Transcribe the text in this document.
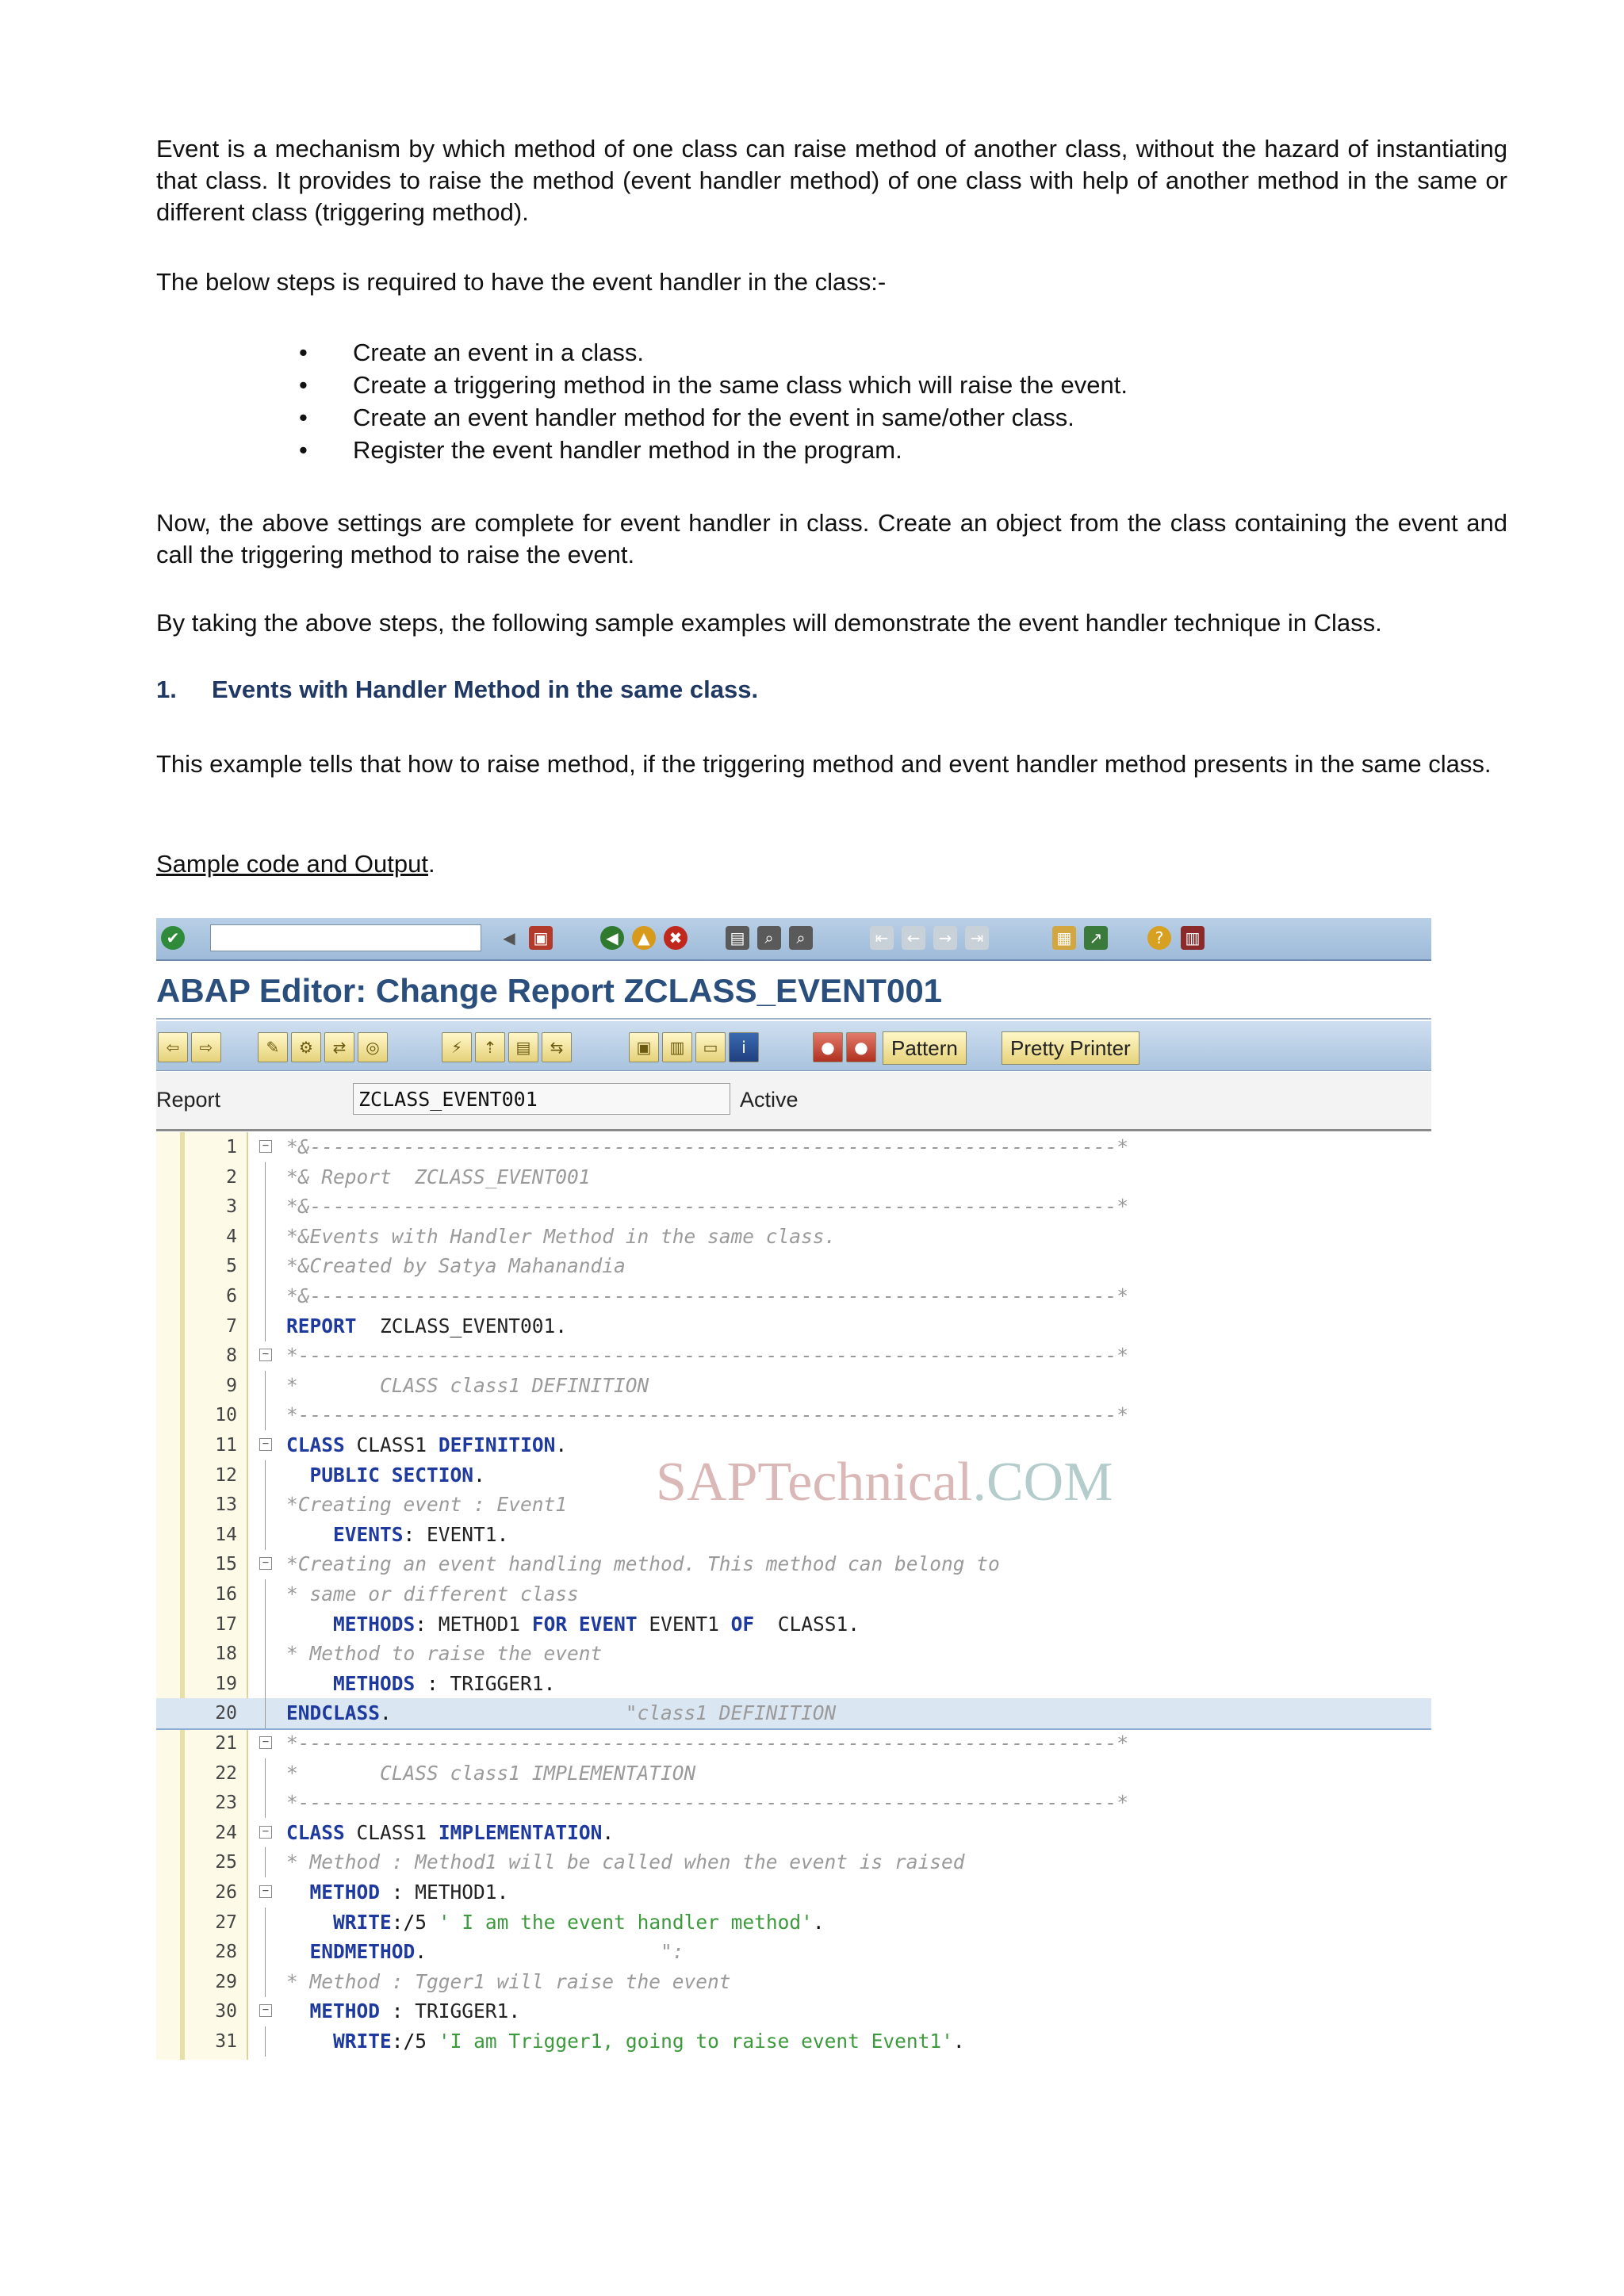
Event is a mechanism by which method of one class can raise method of another class, without the hazard of instantiating that class. It provides to raise the method (event handler method) of one class with help of another method in the same or different class (triggering method).

The below steps is required to have the event handler in the class:-

• Create an event in a class.
• Create a triggering method in the same class which will raise the event.
• Create an event handler method for the event in same/other class.
• Register the event handler method in the program.

Now, the above settings are complete for event handler in class. Create an object from the class containing the event and call the triggering method to raise the event.

By taking the above steps, the following sample examples will demonstrate the event handler technique in Class.

1. Events with Handler Method in the same class.

This example tells that how to raise method, if the triggering method and event handler method presents in the same class.

Sample code and Output.

✔	◀	▣	◀	▲	✖	▤	⌕	⌕	⇤	←	→	⇥	▦	↗	?	▥
ABAP Editor: Change Report ZCLASS_EVENT001
⇦	⇨	✎	⚙	⇄	◎	⚡	⇡	▤	⇆	▣	▥	▭	i	●	●	Pattern	Pretty Printer
Report	ZCLASS_EVENT001	Active
1 − *&---------------------------------------------------------------------*
2	*& Report  ZCLASS_EVENT001
3	*&---------------------------------------------------------------------*
4	*&Events with Handler Method in the same class.
5	*&Created by Satya Mahanandia
6	*&---------------------------------------------------------------------*
7	REPORT ZCLASS_EVENT001.
8 − *----------------------------------------------------------------------*
9	*       CLASS class1 DEFINITION
10	*----------------------------------------------------------------------*
11 − CLASS CLASS1 DEFINITION.
12	PUBLIC SECTION.
13	*Creating event : Event1
14	EVENTS: EVENT1.
15 − *Creating an event handling method. This method can belong to
16	* same or different class
17	METHODS: METHOD1 FOR EVENT EVENT1 OF CLASS1.
18	* Method to raise the event
19	METHODS : TRIGGER1.
20	ENDCLASS.                    "class1 DEFINITION
21 − *----------------------------------------------------------------------*
22	*       CLASS class1 IMPLEMENTATION
23	*----------------------------------------------------------------------*
24 − CLASS CLASS1 IMPLEMENTATION.
25	* Method : Method1 will be called when the event is raised
26 −	METHOD : METHOD1.
27	WRITE:/5 ' I am the event handler method'.
28	ENDMETHOD.                    ":
29	* Method : Tgger1 will raise the event
30 −	METHOD : TRIGGER1.
31	WRITE:/5 'I am Trigger1, going to raise event Event1'.
SAPTechnical.COM
